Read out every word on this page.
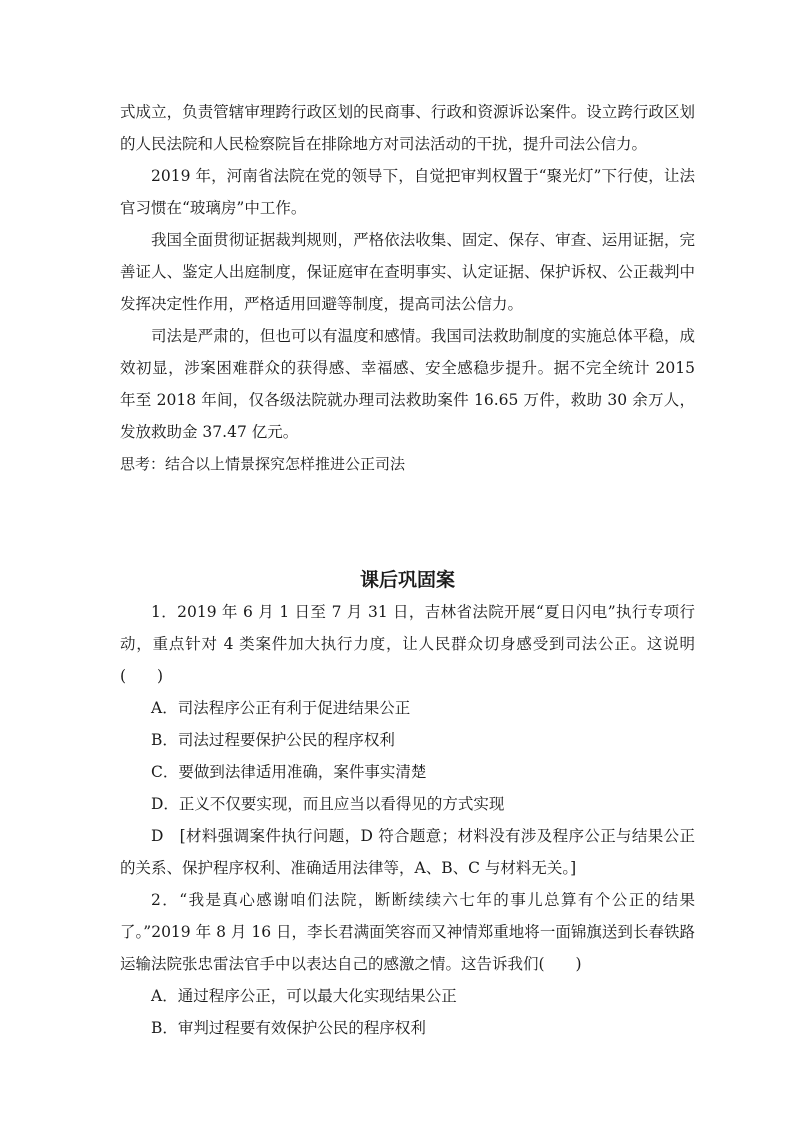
式成立，负责管辖审理跨行政区划的民商事、行政和资源诉讼案件。设立跨行政区划的人民法院和人民检察院旨在排除地方对司法活动的干扰，提升司法公信力。

2019 年，河南省法院在党的领导下，自觉把审判权置于“聚光灯”下行使，让法官习惯在“玻璃房”中工作。

我国全面贯彻证据裁判规则，严格依法收集、固定、保存、审查、运用证据，完善证人、鉴定人出庭制度，保证庭审在查明事实、认定证据、保护诉权、公正裁判中发挥决定性作用，严格适用回避等制度，提高司法公信力。

司法是严肃的，但也可以有温度和感情。我国司法救助制度的实施总体平稳，成效初显，涉案困难群众的获得感、幸福感、安全感稳步提升。据不完全统计 2015 年至 2018 年间，仅各级法院就办理司法救助案件 16.65 万件，救助 30 余万人，发放救助金 37.47 亿元。

思考：结合以上情景探究怎样推进公正司法

课后巩固案

1．2019 年 6 月 1 日至 7 月 31 日，吉林省法院开展“夏日闪电”执行专项行动，重点针对 4 类案件加大执行力度，让人民群众切身感受到司法公正。这说明(　　)

A．司法程序公正有利于促进结果公正

B．司法过程要保护公民的程序权利

C．要做到法律适用准确，案件事实清楚

D．正义不仅要实现，而且应当以看得见的方式实现

D　[材料强调案件执行问题，D 符合题意；材料没有涉及程序公正与结果公正的关系、保护程序权利、准确适用法律等，A、B、C 与材料无关。]

2．“我是真心感谢咱们法院，断断续续六七年的事儿总算有个公正的结果了。”2019 年 8 月 16 日，李长君满面笑容而又神情郑重地将一面锦旗送到长春铁路运输法院张忠雷法官手中以表达自己的感激之情。这告诉我们(　　)

A．通过程序公正，可以最大化实现结果公正

B．审判过程要有效保护公民的程序权利
